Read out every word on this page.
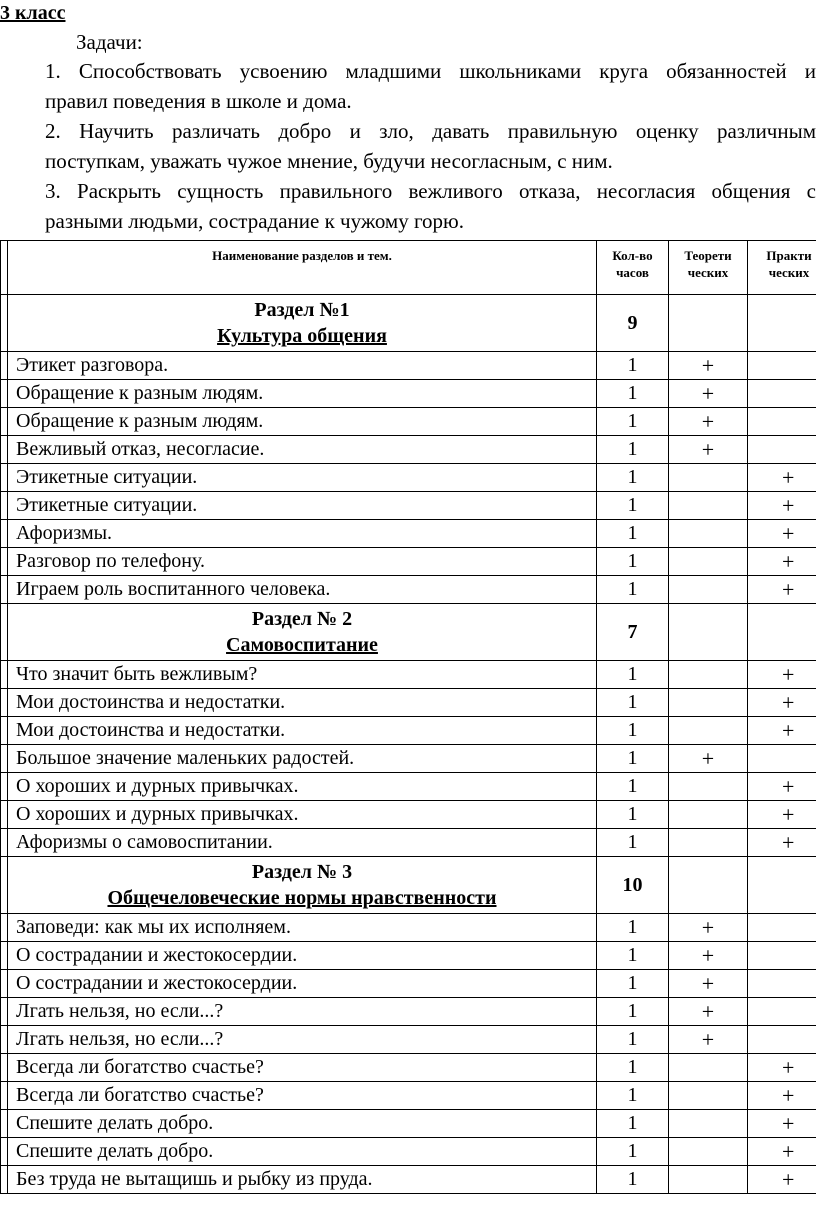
3 класс
Задачи:

1. Способствовать усвоению младшими школьниками круга обязанностей и
правил поведения в школе и дома.

2. Научить различать добро и зло, давать правильную оценку различным
поступкам, уважать чужое мнение, будучи несогласным, с ним.

3. Раскрыть сущность правильного вежливого отказа, несогласия общения с
разными людьми, сострадание к чужому горю.

	Наименование разделов и тем.	Кол-во часов	Теорети ческих	Практи ческих

	Раздел №1
Культура общения	9		
	Этикет разговора.	1	+	
	Обращение к разным людям.	1	+	
	Обращение к разным людям.	1	+	
	Вежливый отказ, несогласие.	1	+	
	Этикетные ситуации.	1		+
	Этикетные ситуации.	1		+
	Афоризмы.	1		+
	Разговор по телефону.	1		+
	Играем роль воспитанного человека.	1		+
	Раздел № 2
Самовоспитание	7		
	Что значит быть вежливым?	1		+
	Мои достоинства и недостатки.	1		+
	Мои достоинства и недостатки.	1		+
	Большое значение маленьких радостей.	1	+	
	О хороших и дурных привычках.	1		+
	О хороших и дурных привычках.	1		+
	Афоризмы о самовоспитании.	1		+
	Раздел № 3
Общечеловеческие нормы нравственности	10		
	Заповеди: как мы их исполняем.	1	+	
	О сострадании и жестокосердии.	1	+	
	О сострадании и жестокосердии.	1	+	
	Лгать нельзя, но если...?	1	+	
	Лгать нельзя, но если...?	1	+	
	Всегда ли богатство счастье?	1		+
	Всегда ли богатство счастье?	1		+
	Спешите делать добро.	1		+
	Спешите делать добро.	1		+
	Без труда не вытащишь и рыбку из пруда.	1		+
